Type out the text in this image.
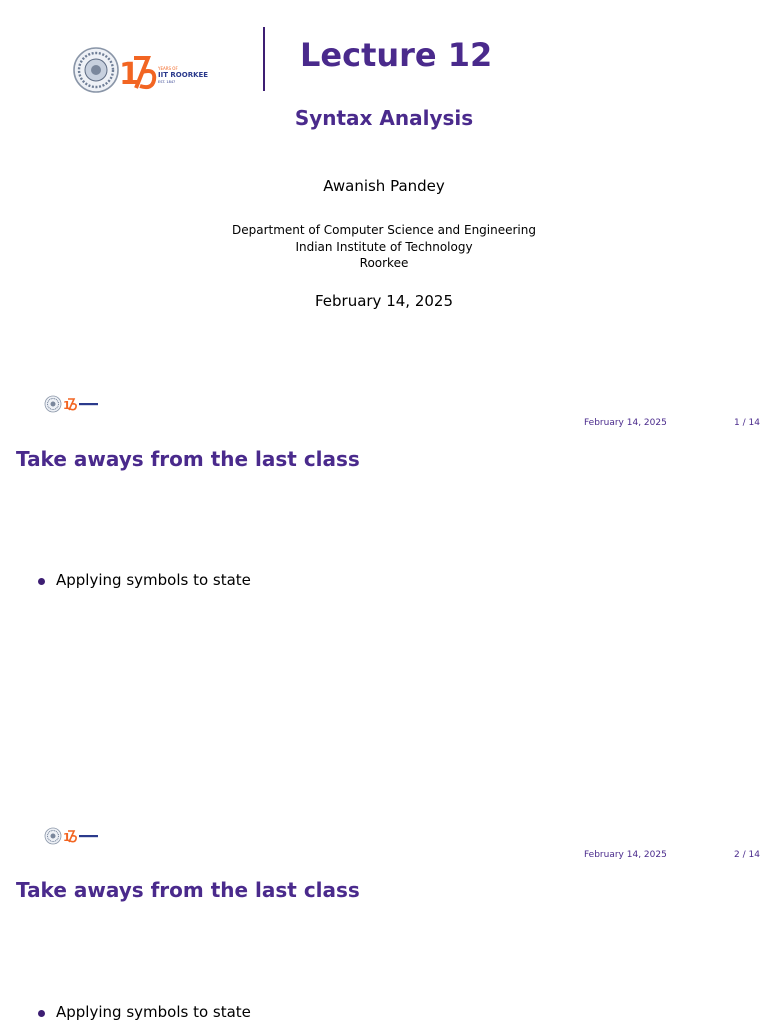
1	YEARS OF
IIT ROORKEE
EST. 1847
Lecture 12
Syntax Analysis
Awanish Pandey
Department of Computer Science and Engineering
Indian Institute of Technology
Roorkee
February 14, 2025
1
February 14, 2025	1 / 14
Take aways from the last class
Applying symbols to state
1
February 14, 2025	2 / 14
Take aways from the last class
Applying symbols to state
